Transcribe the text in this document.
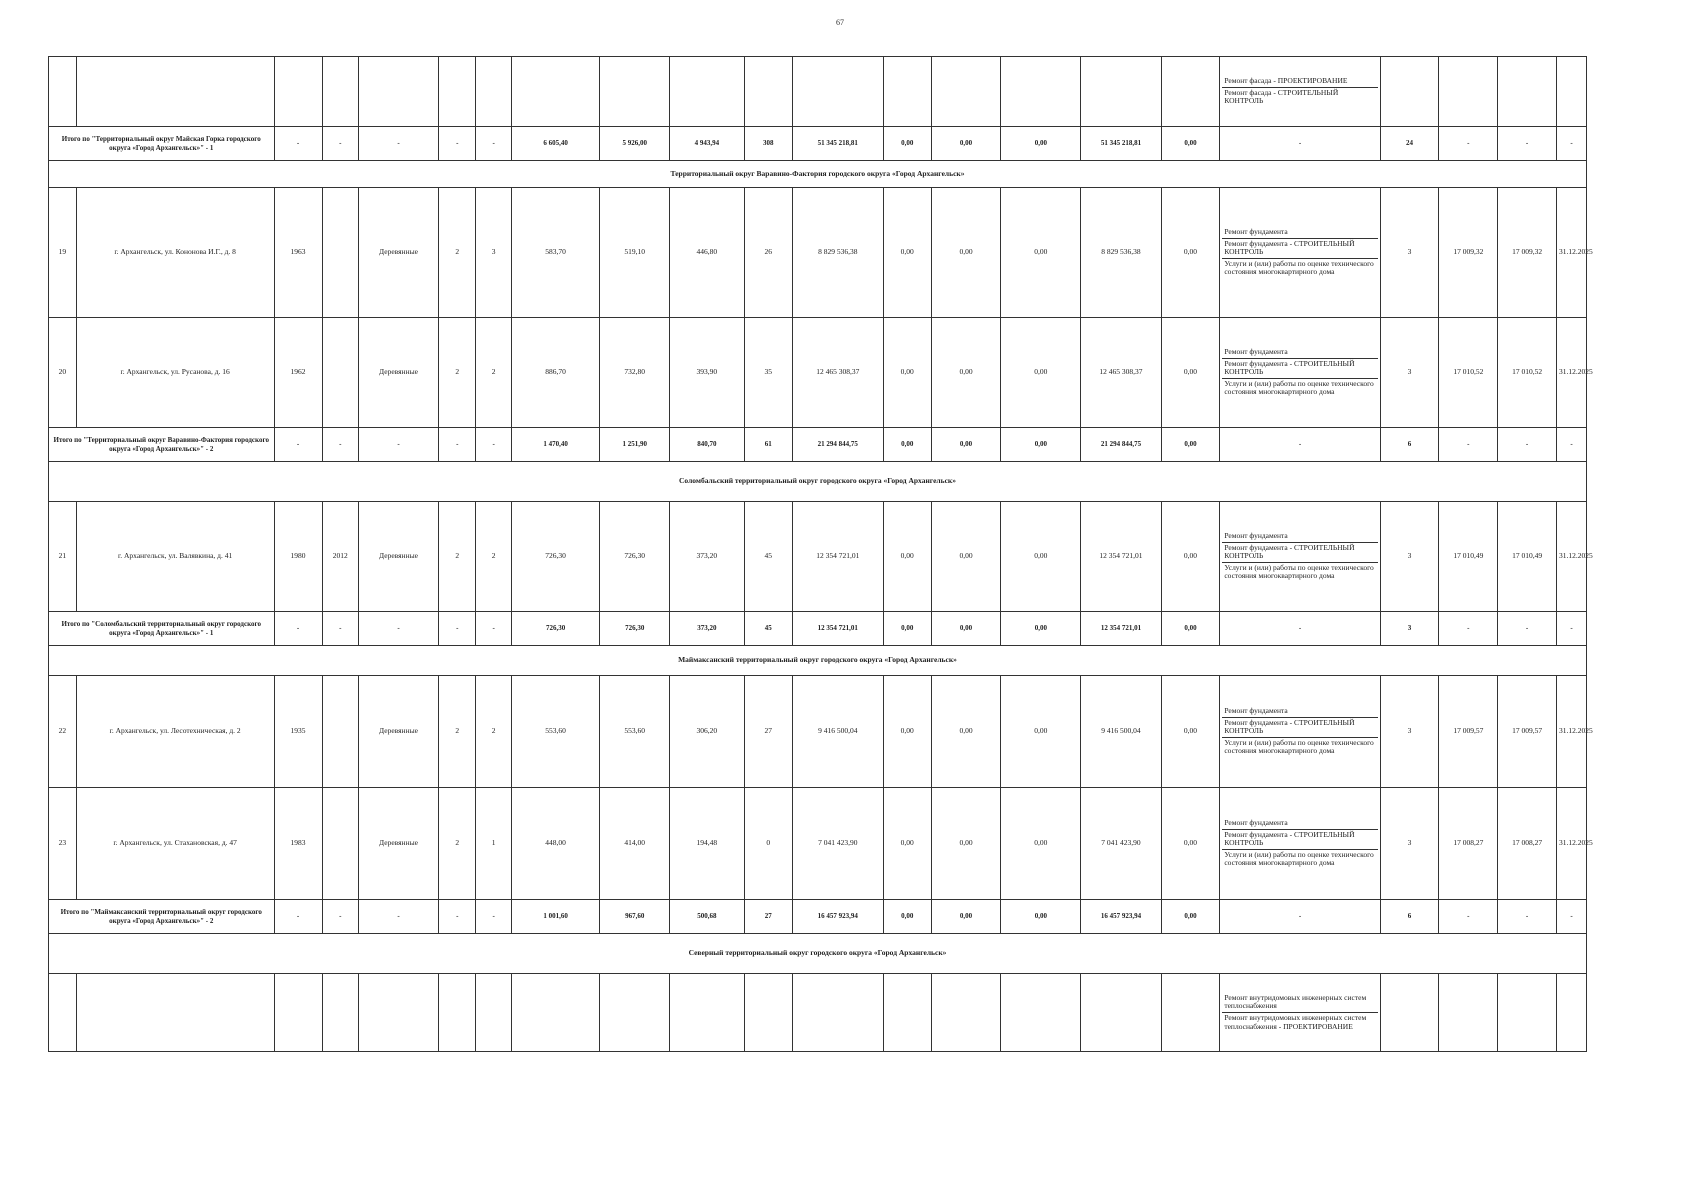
67

																	Ремонт фасада - ПРОЕКТИРОВАНИЕ
Ремонт фасада - СТРОИТЕЛЬНЫЙ КОНТРОЛЬ				

Итого по "Территориальный округ Майская Горка городского округа «Город Архангельск»" - 1		-	-	-	-	-	6 605,40	5 926,00	4 943,94	308	51 345 218,81	0,00	0,00	0,00	51 345 218,81	0,00	-	24	-	-	-
Территориальный округ Варавино-Фактория городского округа «Город Архангельск»																					
19	г. Архангельск, ул. Кононова И.Г., д. 8	1963		Деревянные	2	3	583,70	519,10	446,80	26	8 829 536,38	0,00	0,00	0,00	8 829 536,38	0,00	Ремонт фундамента
Ремонт фундамента - СТРОИТЕЛЬНЫЙ КОНТРОЛЬ
Услуги и (или) работы по оценке технического состояния многоквартирного дома	3	17 009,32	17 009,32	31.12.2025
20	г. Архангельск, ул. Русанова, д. 16	1962		Деревянные	2	2	886,70	732,80	393,90	35	12 465 308,37	0,00	0,00	0,00	12 465 308,37	0,00	Ремонт фундамента
Ремонт фундамента - СТРОИТЕЛЬНЫЙ КОНТРОЛЬ
Услуги и (или) работы по оценке технического состояния многоквартирного дома	3	17 010,52	17 010,52	31.12.2025
Итого по "Территориальный округ Варавино-Фактория городского округа «Город Архангельск»" - 2		-	-	-	-	-	1 470,40	1 251,90	840,70	61	21 294 844,75	0,00	0,00	0,00	21 294 844,75	0,00	-	6	-	-	-
Соломбальский территориальный округ городского округа «Город Архангельск»																					
21	г. Архангельск, ул. Валявкина, д. 41	1980	2012	Деревянные	2	2	726,30	726,30	373,20	45	12 354 721,01	0,00	0,00	0,00	12 354 721,01	0,00	Ремонт фундамента
Ремонт фундамента - СТРОИТЕЛЬНЫЙ КОНТРОЛЬ
Услуги и (или) работы по оценке технического состояния многоквартирного дома	3	17 010,49	17 010,49	31.12.2025
Итого по "Соломбальский территориальный округ городского округа «Город Архангельск»" - 1		-	-	-	-	-	726,30	726,30	373,20	45	12 354 721,01	0,00	0,00	0,00	12 354 721,01	0,00	-	3	-	-	-
Маймаксанский территориальный округ городского округа «Город Архангельск»																					
22	г. Архангельск, ул. Лесотехническая, д. 2	1935		Деревянные	2	2	553,60	553,60	306,20	27	9 416 500,04	0,00	0,00	0,00	9 416 500,04	0,00	Ремонт фундамента
Ремонт фундамента - СТРОИТЕЛЬНЫЙ КОНТРОЛЬ
Услуги и (или) работы по оценке технического состояния многоквартирного дома	3	17 009,57	17 009,57	31.12.2025
23	г. Архангельск, ул. Стахановская, д. 47	1983		Деревянные	2	1	448,00	414,00	194,48	0	7 041 423,90	0,00	0,00	0,00	7 041 423,90	0,00	Ремонт фундамента
Ремонт фундамента - СТРОИТЕЛЬНЫЙ КОНТРОЛЬ
Услуги и (или) работы по оценке технического состояния многоквартирного дома	3	17 008,27	17 008,27	31.12.2025
Итого по "Маймаксанский территориальный округ городского округа «Город Архангельск»" - 2		-	-	-	-	-	1 001,60	967,60	500,68	27	16 457 923,94	0,00	0,00	0,00	16 457 923,94	0,00	-	6	-	-	-
Северный территориальный округ городского округа «Город Архангельск»																					

																	Ремонт внутридомовых инженерных систем теплоснабжения
Ремонт внутридомовых инженерных систем теплоснабжения - ПРОЕКТИРОВАНИЕ				
